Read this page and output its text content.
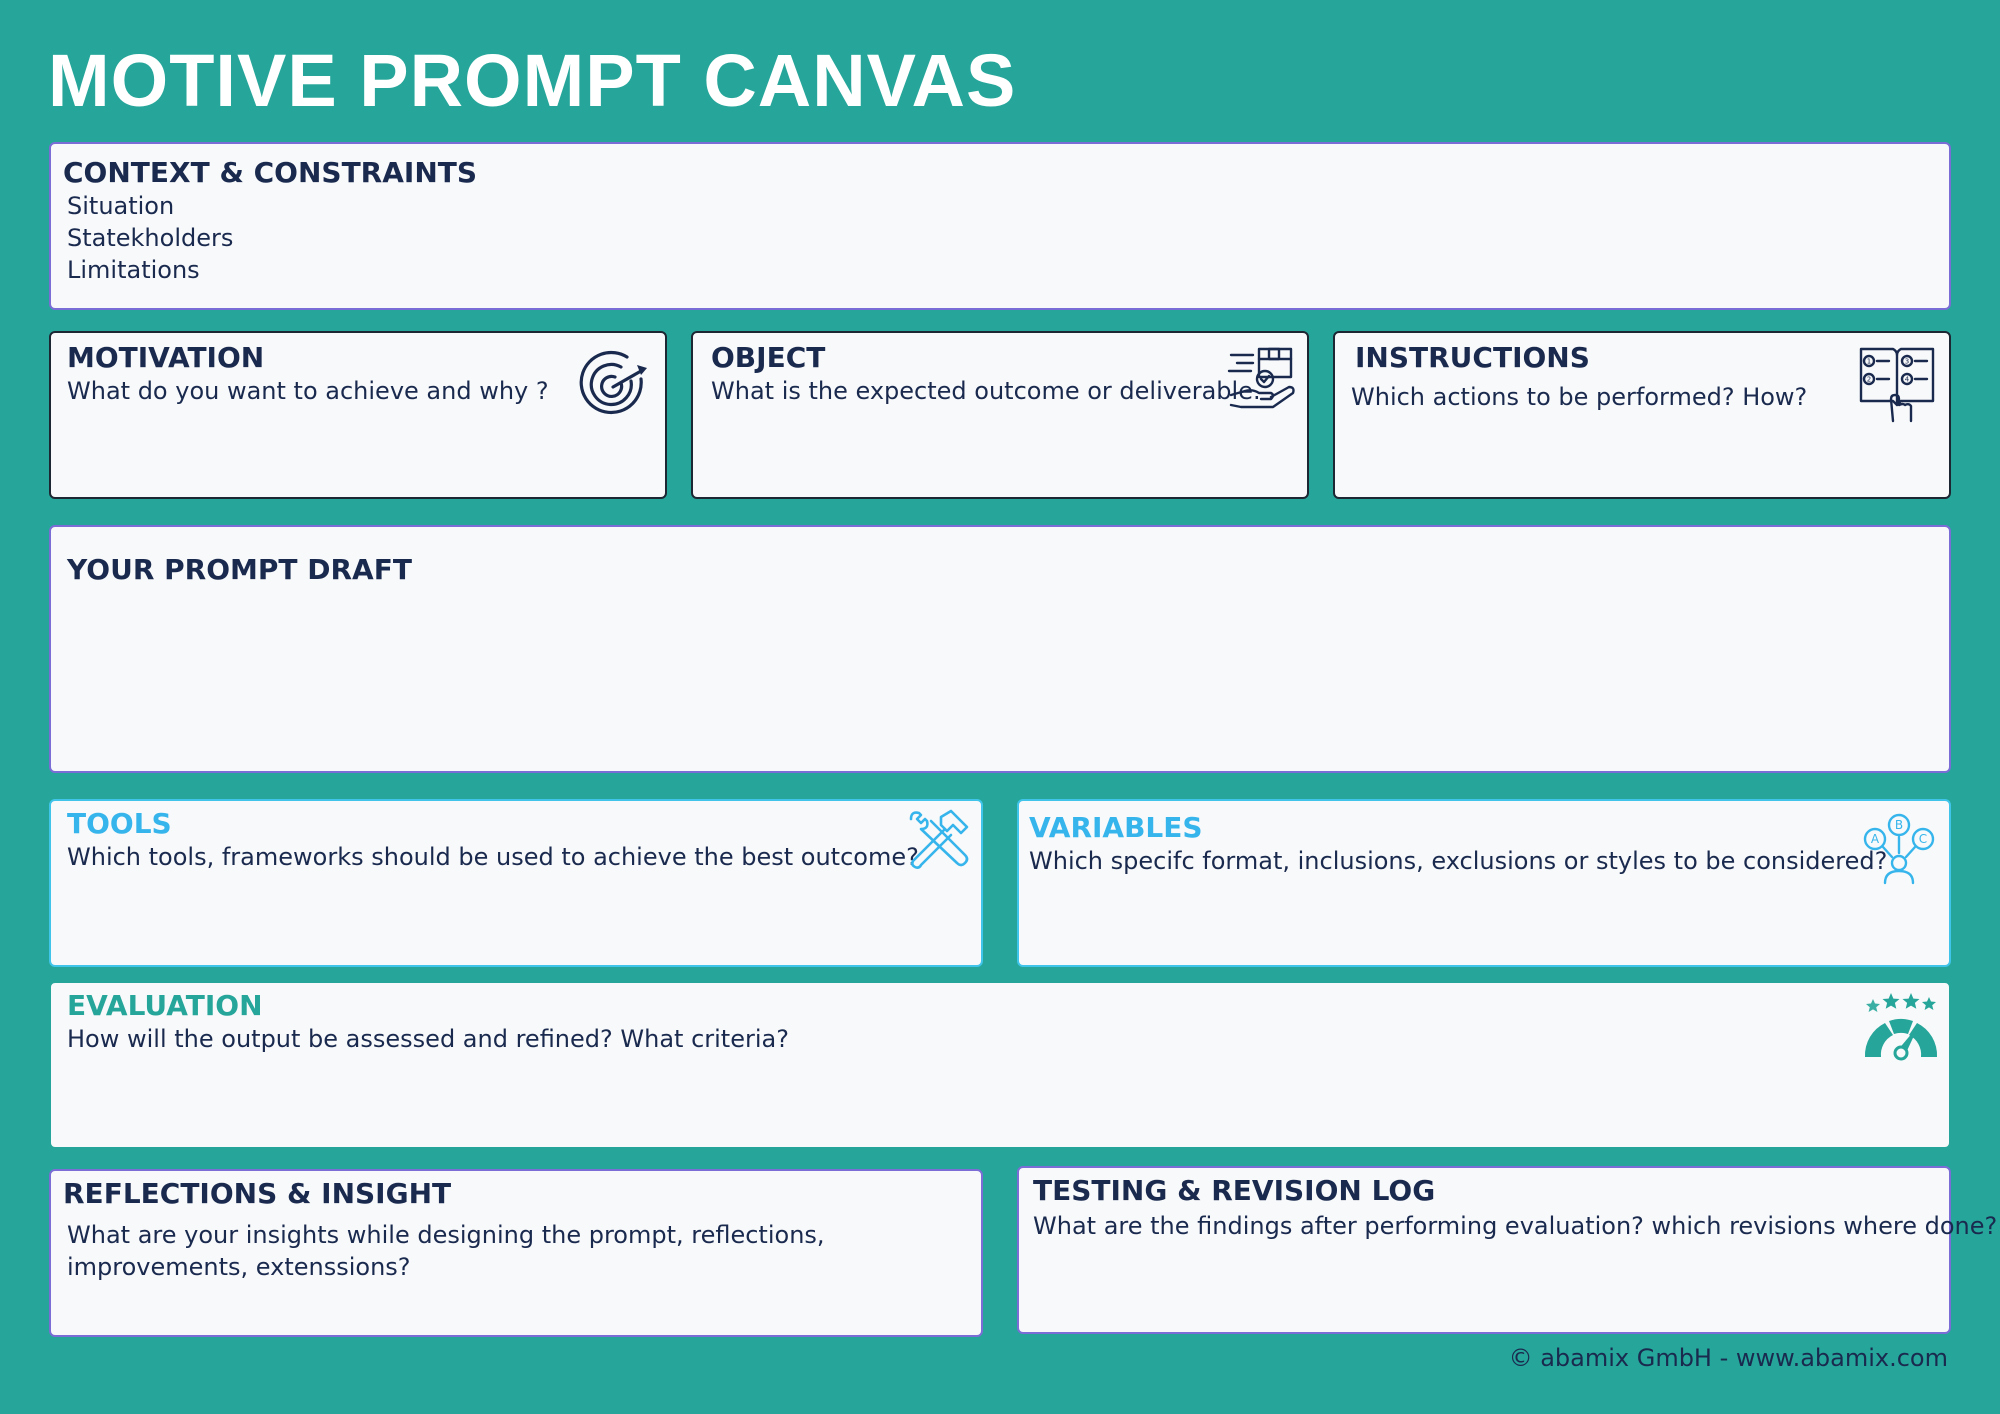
MOTIVE PROMPT CANVAS
CONTEXT & CONSTRAINTS
Situation
Statekholders
Limitations
MOTIVATION
What do you want to achieve and why ?
OBJECT
What is the expected outcome or deliverable.
INSTRUCTIONS
Which actions to be performed? How?
1
2
3
4
YOUR PROMPT DRAFT
TOOLS
Which tools, frameworks should be used to achieve the best outcome?
VARIABLES
Which specifc format, inclusions, exclusions or styles to be considered?
B
A	C
EVALUATION
How will the output be assessed and refined? What criteria?
REFLECTIONS & INSIGHT
What are your insights while designing the prompt, reflections,
improvements, extenssions?
TESTING & REVISION LOG
What are the findings after performing evaluation? which revisions where done?
© abamix GmbH - www.abamix.com
